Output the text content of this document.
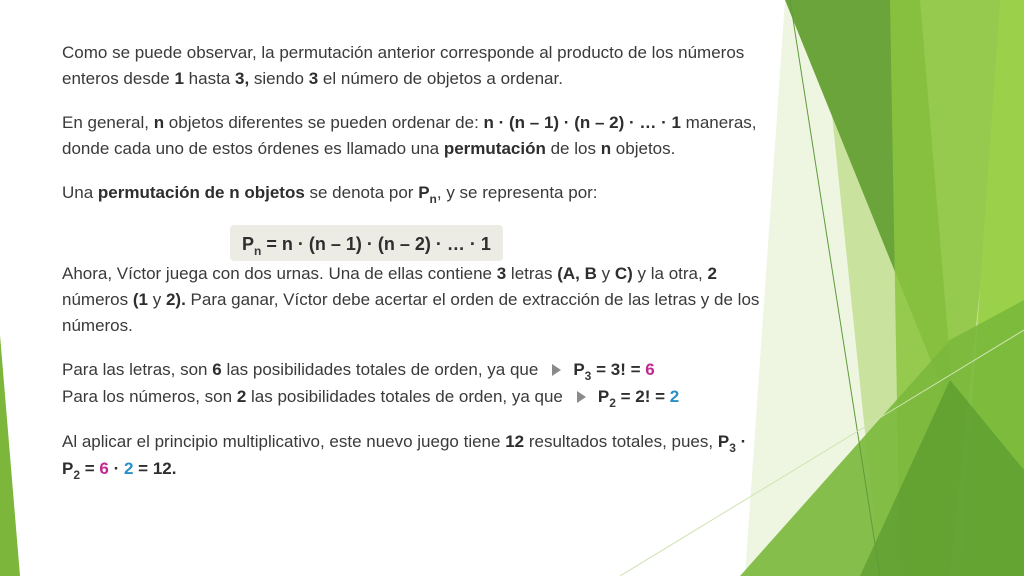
Como se puede observar, la permutación anterior corresponde al producto de los números enteros desde 1 hasta 3, siendo 3 el número de objetos a ordenar.

En general, n objetos diferentes se pueden ordenar de: n · (n – 1) · (n – 2) · … · 1 maneras, donde cada uno de estos órdenes es llamado una permutación de los n objetos.

Una permutación de n objetos se denota por $P_n$, y se representa por:

$P_n = n \cdot (n - 1) \cdot (n - 2)$ · … · 1

Ahora, Víctor juega con dos urnas. Una de ellas contiene 3 letras (A, B y C) y la otra, 2 números (1 y 2). Para ganar, Víctor debe acertar el orden de extracción de las letras y de los números.

Para las letras, son 6 las posibilidades totales de orden, ya que $P_3 = 3$! = 6

Para los números, son 2 las posibilidades totales de orden, ya que $P_2 = 2$! = 2

Al aplicar el principio multiplicativo, este nuevo juego tiene 12 resultados totales, pues, $P_3 \cdot P_2 = 6 \cdot 2 = 12$.
